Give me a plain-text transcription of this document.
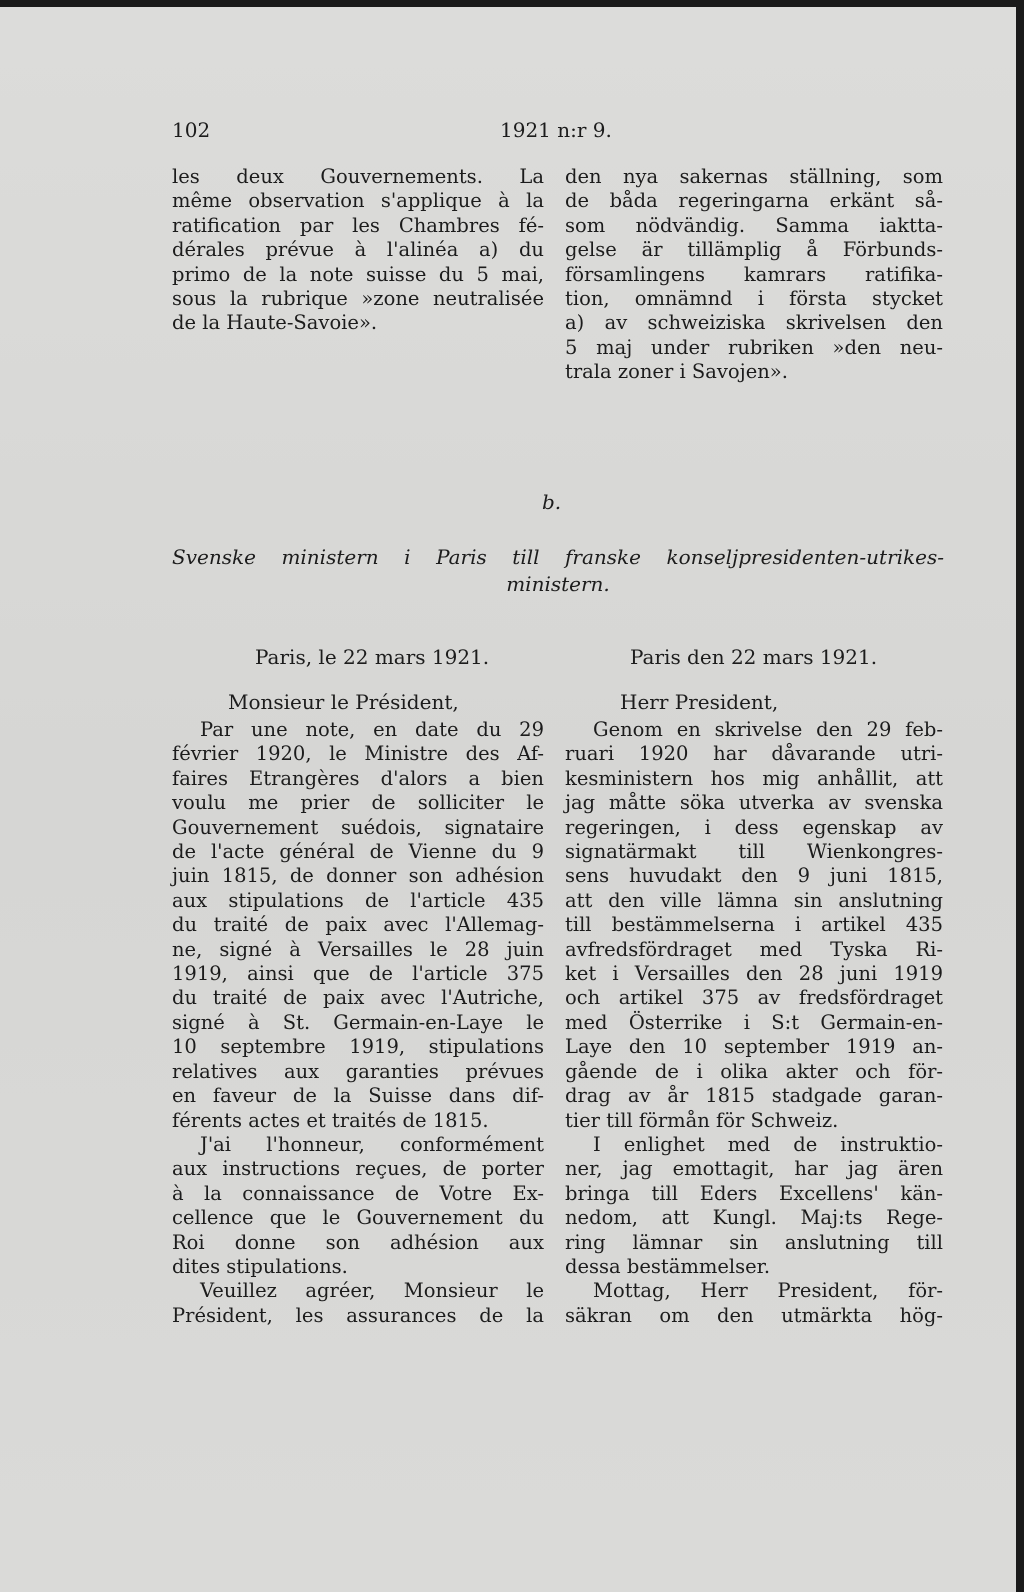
102	1921 n:r 9.
les deux Gouvernements. La
même observation s'applique à la
ratification par les Chambres fé-
dérales prévue à l'alinéa a) du
primo de la note suisse du 5 mai,
sous la rubrique »zone neutralisée
de la Haute-Savoie».
den nya sakernas ställning, som
de båda regeringarna erkänt så-
som nödvändig. Samma iaktta-
gelse är tillämplig å Förbunds-
församlingens kamrars ratifika-
tion, omnämnd i första stycket
a) av schweiziska skrivelsen den
5 maj under rubriken »den neu-
trala zoner i Savojen».
b.
Svenske ministern i Paris till franske konseljpresidenten-utrikes-
ministern.
Paris, le 22 mars 1921.	Paris den 22 mars 1921.
Monsieur le Président,	Herr President,
Par une note, en date du 29
février 1920, le Ministre des Af-
faires Etrangères d'alors a bien
voulu me prier de solliciter le
Gouvernement suédois, signataire
de l'acte général de Vienne du 9
juin 1815, de donner son adhésion
aux stipulations de l'article 435
du traité de paix avec l'Allemag-
ne, signé à Versailles le 28 juin
1919, ainsi que de l'article 375
du traité de paix avec l'Autriche,
signé à St. Germain-en-Laye le
10 septembre 1919, stipulations
relatives aux garanties prévues
en faveur de la Suisse dans dif-
férents actes et traités de 1815.
J'ai l'honneur, conformément
aux instructions reçues, de porter
à la connaissance de Votre Ex-
cellence que le Gouvernement du
Roi donne son adhésion aux
dites stipulations.
Veuillez agréer, Monsieur le
Président, les assurances de la
Genom en skrivelse den 29 feb-
ruari 1920 har dåvarande utri-
kesministern hos mig anhållit, att
jag måtte söka utverka av svenska
regeringen, i dess egenskap av
signatärmakt till Wienkongres-
sens huvudakt den 9 juni 1815,
att den ville lämna sin anslutning
till bestämmelserna i artikel 435
avfredsfördraget med Tyska Ri-
ket i Versailles den 28 juni 1919
och artikel 375 av fredsfördraget
med Österrike i S:t Germain-en-
Laye den 10 september 1919 an-
gående de i olika akter och för-
drag av år 1815 stadgade garan-
tier till förmån för Schweiz.
I enlighet med de instruktio-
ner, jag emottagit, har jag ären
bringa till Eders Excellens' kän-
nedom, att Kungl. Maj:ts Rege-
ring lämnar sin anslutning till
dessa bestämmelser.
Mottag, Herr President, för-
säkran om den utmärkta hög-
